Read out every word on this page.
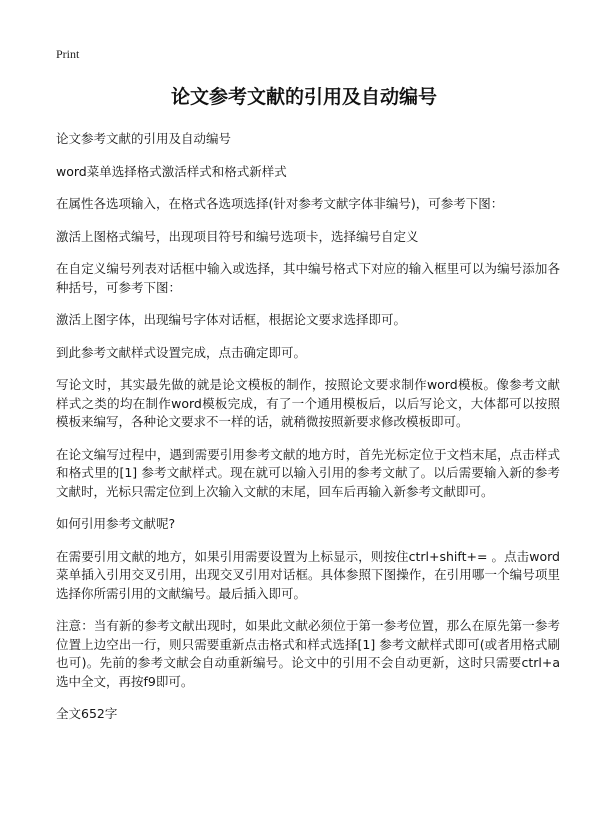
Print
论文参考文献的引用及自动编号
论文参考文献的引用及自动编号
word菜单选择格式激活样式和格式新样式
在属性各选项输入，在格式各选项选择(针对参考文献字体非编号)，可参考下图：
激活上图格式编号，出现项目符号和编号选项卡，选择编号自定义
在自定义编号列表对话框中输入或选择，其中编号格式下对应的输入框里可以为编号添加各种括号，可参考下图：
激活上图字体，出现编号字体对话框，根据论文要求选择即可。
到此参考文献样式设置完成，点击确定即可。
写论文时，其实最先做的就是论文模板的制作，按照论文要求制作word模板。像参考文献样式之类的均在制作word模板完成，有了一个通用模板后，以后写论文，大体都可以按照模板来编写，各种论文要求不一样的话，就稍微按照新要求修改模板即可。
在论文编写过程中，遇到需要引用参考文献的地方时，首先光标定位于文档末尾，点击样式和格式里的[1] 参考文献样式。现在就可以输入引用的参考文献了。以后需要输入新的参考文献时，光标只需定位到上次输入文献的末尾，回车后再输入新参考文献即可。
如何引用参考文献呢?
在需要引用文献的地方，如果引用需要设置为上标显示，则按住ctrl+shift+= 。点击word菜单插入引用交叉引用，出现交叉引用对话框。具体参照下图操作，在引用哪一个编号项里选择你所需引用的文献编号。最后插入即可。
注意：当有新的参考文献出现时，如果此文献必须位于第一参考位置，那么在原先第一参考位置上边空出一行，则只需要重新点击格式和样式选择[1] 参考文献样式即可(或者用格式刷也可)。先前的参考文献会自动重新编号。论文中的引用不会自动更新，这时只需要ctrl+a选中全文，再按f9即可。
全文652字
